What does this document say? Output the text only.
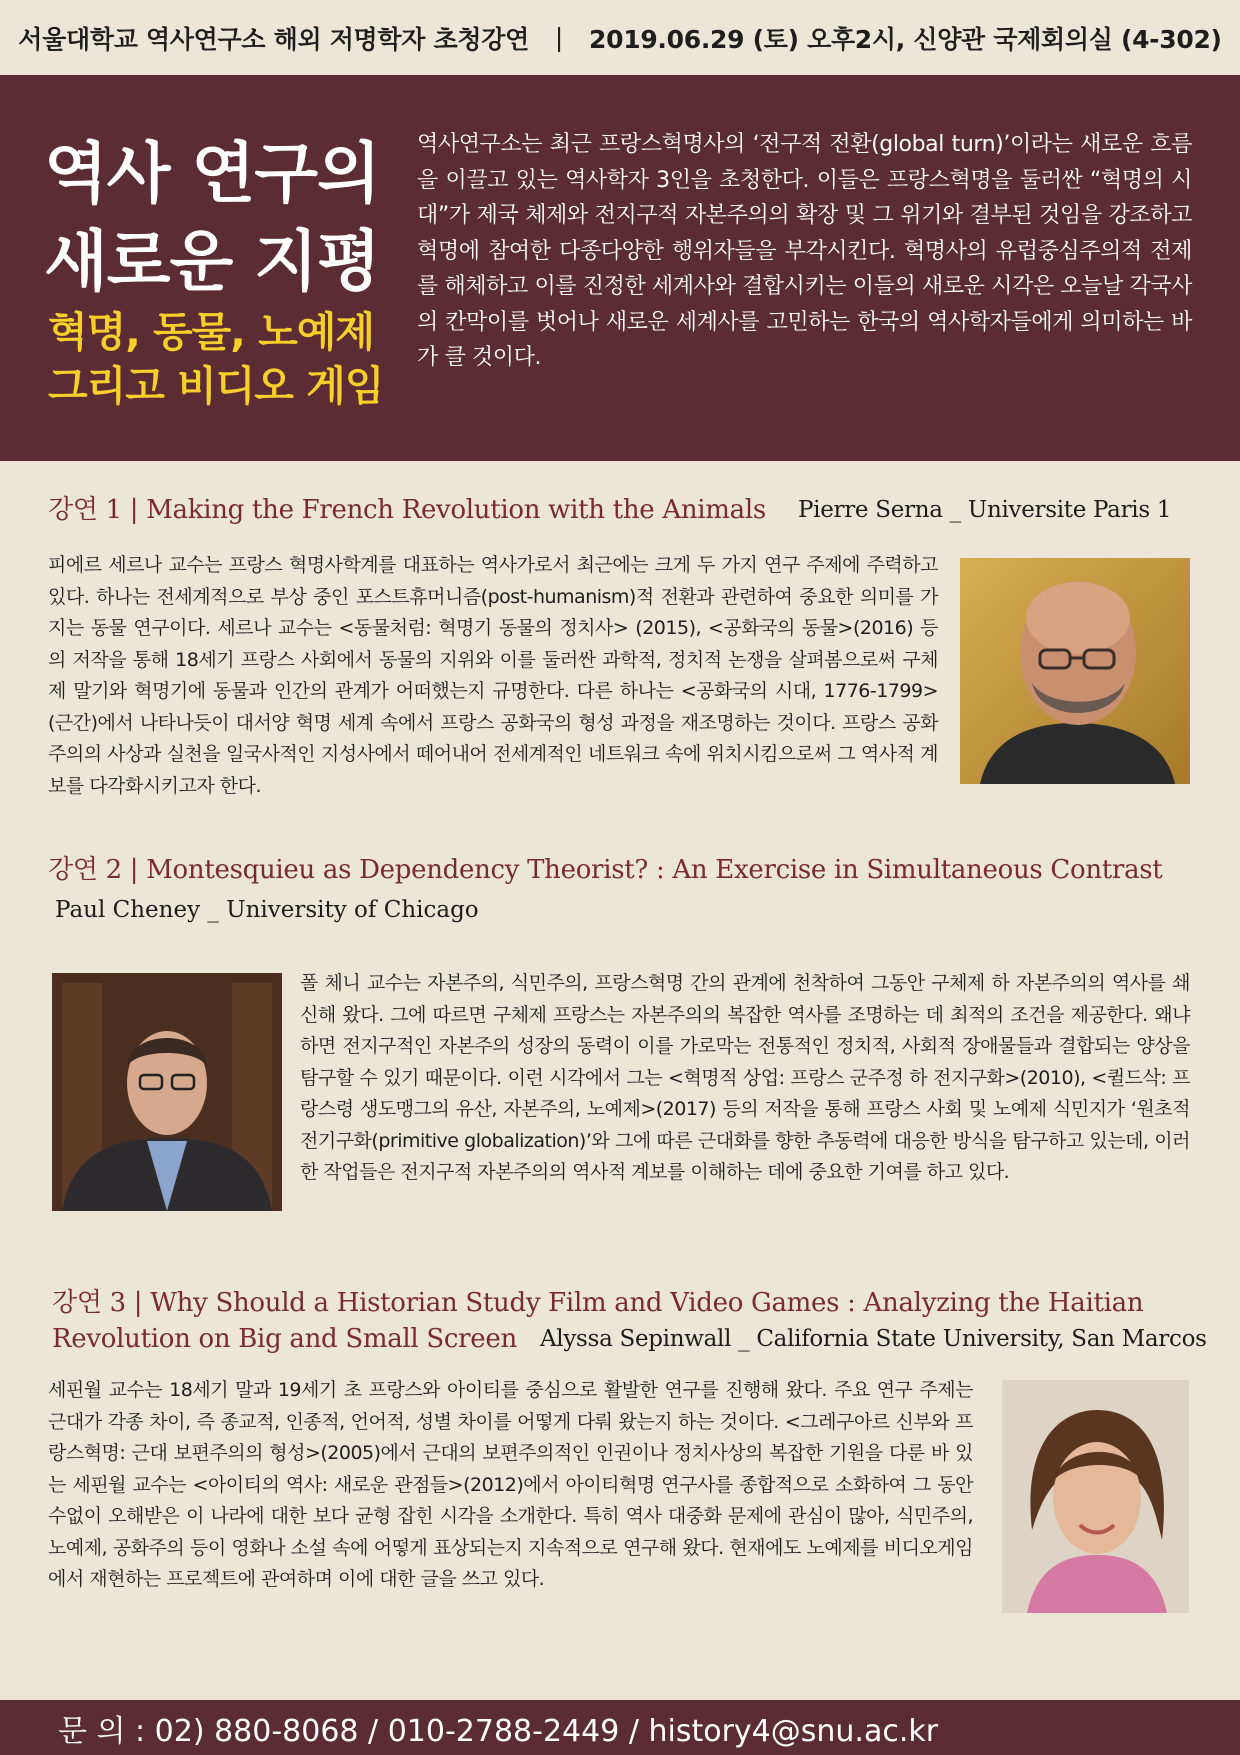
서울대학교 역사연구소 해외 저명학자 초청강연 | 2019.06.29 (토) 오후2시, 신양관 국제회의실 (4-302)
역사 연구의
새로운 지평
혁명, 동물, 노예제
그리고 비디오 게임
역사연구소는 최근 프랑스혁명사의 ‘전구적 전환(global turn)’이라는 새로운 흐름을 이끌고 있는 역사학자 3인을 초청한다. 이들은 프랑스혁명을 둘러싼 “혁명의 시대”가 제국 체제와 전지구적 자본주의의 확장 및 그 위기와 결부된 것임을 강조하고 혁명에 참여한 다종다양한 행위자들을 부각시킨다. 혁명사의 유럽중심주의적 전제를 해체하고 이를 진정한 세계사와 결합시키는 이들의 새로운 시각은 오늘날 각국사의 칸막이를 벗어나 새로운 세계사를 고민하는 한국의 역사학자들에게 의미하는 바가 클 것이다.
강연 1 | Making the French Revolution with the Animals Pierre Serna _ Universite Paris 1
피에르 세르나 교수는 프랑스 혁명사학계를 대표하는 역사가로서 최근에는 크게 두 가지 연구 주제에 주력하고 있다. 하나는 전세계적으로 부상 중인 포스트휴머니즘(post-humanism)적 전환과 관련하여 중요한 의미를 가지는 동물 연구이다. 세르나 교수는 <동물처럼: 혁명기 동물의 정치사> (2015), <공화국의 동물>(2016) 등의 저작을 통해 18세기 프랑스 사회에서 동물의 지위와 이를 둘러싼 과학적, 정치적 논쟁을 살펴봄으로써 구체제 말기와 혁명기에 동물과 인간의 관계가 어떠했는지 규명한다. 다른 하나는 <공화국의 시대, 1776-1799>(근간)에서 나타나듯이 대서양 혁명 세계 속에서 프랑스 공화국의 형성 과정을 재조명하는 것이다. 프랑스 공화주의의 사상과 실천을 일국사적인 지성사에서 떼어내어 전세계적인 네트워크 속에 위치시킴으로써 그 역사적 계보를 다각화시키고자 한다.
강연 2 | Montesquieu as Dependency Theorist? : An Exercise in Simultaneous Contrast
Paul Cheney _ University of Chicago
폴 체니 교수는 자본주의, 식민주의, 프랑스혁명 간의 관계에 천착하여 그동안 구체제 하 자본주의의 역사를 쇄신해 왔다. 그에 따르면 구체제 프랑스는 자본주의의 복잡한 역사를 조명하는 데 최적의 조건을 제공한다. 왜냐하면 전지구적인 자본주의 성장의 동력이 이를 가로막는 전통적인 정치적, 사회적 장애물들과 결합되는 양상을 탐구할 수 있기 때문이다. 이런 시각에서 그는 <혁명적 상업: 프랑스 군주정 하 전지구화>(2010), <퀼드삭: 프랑스령 생도맹그의 유산, 자본주의, 노예제>(2017) 등의 저작을 통해 프랑스 사회 및 노예제 식민지가 ‘원초적 전기구화(primitive globalization)’와 그에 따른 근대화를 향한 추동력에 대응한 방식을 탐구하고 있는데, 이러한 작업들은 전지구적 자본주의의 역사적 계보를 이해하는 데에 중요한 기여를 하고 있다.
강연 3 | Why Should a Historian Study Film and Video Games : Analyzing the Haitian
Revolution on Big and Small Screen Alyssa Sepinwall _ California State University, San Marcos
세핀월 교수는 18세기 말과 19세기 초 프랑스와 아이티를 중심으로 활발한 연구를 진행해 왔다. 주요 연구 주제는 근대가 각종 차이, 즉 종교적, 인종적, 언어적, 성별 차이를 어떻게 다뤄 왔는지 하는 것이다. <그레구아르 신부와 프랑스혁명: 근대 보편주의의 형성>(2005)에서 근대의 보편주의적인 인권이나 정치사상의 복잡한 기원을 다룬 바 있는 세핀월 교수는 <아이티의 역사: 새로운 관점들>(2012)에서 아이티혁명 연구사를 종합적으로 소화하여 그 동안 수없이 오해받은 이 나라에 대한 보다 균형 잡힌 시각을 소개한다. 특히 역사 대중화 문제에 관심이 많아, 식민주의, 노예제, 공화주의 등이 영화나 소설 속에 어떻게 표상되는지 지속적으로 연구해 왔다. 현재에도 노예제를 비디오게임에서 재현하는 프로젝트에 관여하며 이에 대한 글을 쓰고 있다.
문 의 : 02) 880-8068 / 010-2788-2449 / history4@snu.ac.kr
